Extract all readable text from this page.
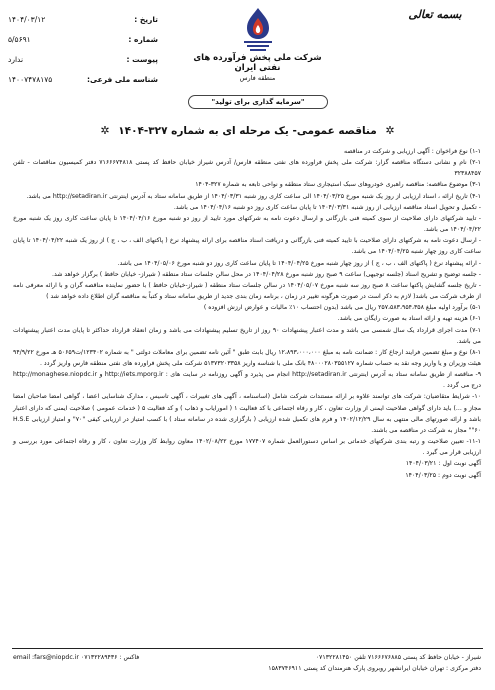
بسمه تعالی
شرکت ملی پخش فرآورده های نفتی ایران
منطقه فارس
تاریخ :
۱۴۰۴/۰۳/۱۲
شماره :
۵/۵۶۹۱
پیوست :
ندارد
شناسه ملی فرعی:
۱۴۰۰۷۴۷۸۱۷۵
"سرمایه گذاری برای تولید"
✲ مناقصه عمومی- یک مرحله ای به شماره ۳۲۷-۱۴۰۴ ✲

۱-۱) نوع فراخوان : آگهی ارزیابی و شرکت در مناقصه

۲-۱) نام و نشانی دستگاه مناقصه گزار: شرکت ملی پخش فراورده های نفتی منطقه فارس/ آدرس شیراز خیابان حافظ کد پستی ۷۱۶۶۶۷۴۸۱۸ دفتر کمیسیون مناقصات - تلفن ۳۲۳۸۸۴۵۷

۳-۱) موضوع مناقصه: مناقصه راهبری خودروهای سبک استیجاری ستاد منطقه و نواحی تابعه به شماره ۳۲۷-۱۴۰۴

۴-۱) تاریخ ارائه ، اسناد ارزیابی از روز یک شنبه مورخ ۱۴۰۴/۰۳/۲۵ الی ساعت کاری روز شنبه ۱۴۰۴/۰۳/۳۱ از طریق سامانه ستاد به آدرس اینترنتی http://setadiran.ir می باشد.

- تکمیل و تحویل اسناد مناقصه ارزیابی از روز شنبه ۱۴۰۴/۰۳/۳۱ تا پایان ساعت کاری روز دو شنبه ۱۴۰۴/۰۴/۱۶ می باشد.

- تایید شرکتهای دارای صلاحیت از سوی کمیته فنی بازرگانی و ارسال دعوت نامه به شرکتهای مورد تایید از روز دو شنبه مورخ ۱۴۰۴/۰۴/۱۶ تا پایان ساعت کاری روز یک شنبه مورخ ۱۴۰۴/۰۴/۲۲ می باشد.

- ارسال دعوت نامه به شرکتهای دارای صلاحیت با تایید کمیته فنی بازرگانی و دریافت اسناد مناقصه برای ارائه پیشنهاد نرخ ( پاکتهای الف ، ب ، ج ) از روز یک شنبه ۱۴۰۴/۰۴/۲۲ تا پایان ساعت کاری روز چهار شنبه ۱۴۰۴/۰۴/۲۵ می باشد.

- ارائه پیشنهاد نرخ ( پاکتهای الف ، ب ، ج ) از روز چهار شنبه مورخ ۱۴۰۴/۰۴/۲۵ تا پایان ساعت کاری روز دو شنبه مورخ ۱۴۰۴/۰۵/۰۶ می باشد.

- جلسه توضیح و تشریح اسناد (جلسه توجیهی) ساعت ۹ صبح روز شنبه مورخ ۱۴۰۴/۰۴/۲۸ در محل سالن جلسات ستاد منطقه ( شیراز- خیابان حافظ ) برگزار خواهد شد.

- تاریخ جلسه گشایش پاکتها ساعت ۸ صبح روز سه شنبه مورخ ۱۴۰۴/۰۵/۰۷ در سالن جلسات ستاد منطقه ( شیراز-خیابان حافظ ) با حضور نماینده مناقصه گران و با ارائه معرفی نامه از طرف شرکت می باشد( لازم به ذکر است در صورت هرگونه تغییر در زمان ، برنامه زمان بندی جدید از طریق سامانه ستاد و کتباً به مناقصه گران اطلاع داده خواهد شد )

۵-۱) برآورد اولیه مبلغ ۲۵۷،۵۸۳،۹۵۴،۳۵۸ ریال می باشد (بدون احتساب ۱۰٪ مالیات و عوارض ارزش افزوده )

۶-۱) هزینه تهیه و ارائه اسناد به صورت رایگان می باشد.

۷-۱) مدت اجرای قرارداد یک سال شمسی می باشد و مدت اعتبار پیشنهادات ۹۰ روز از تاریخ تسلیم پیشنهادات می باشد و زمان انعقاد قرارداد حداکثر تا پایان مدت اعتبار پیشنهادات می باشد.

۸-۱) نوع و مبلغ تضمین فرایند ارجاع کار : ضمانت نامه به مبلغ ۱۲،۸۹۳،۰۰۰،۰۰۰ ریال بابت طبق " آئین نامه تضمین برای معاملات دولتی " به شماره ۱۲۳۴۰۲/ت۵۰۶۵۹ هـ مورخ ۹۴/۹/۲۲ هیئت وزیران و یا واریز وجه نقد به حساب شماره ۴۸۰۰۰۲۸۰۳۵۵۱۲۷ بانک ملی با شناسه واریز ۵۱۳۷۳۲۰۳۳۵۸ شرکت ملی پخش فراورده های نفتی منطقه فارس واریز گردد .

۹- مناقصه از طریق سامانه ستاد به آدرس اینترنتی http://setadiran.ir انجام می پذیرد و آگهی روزنامه در سایت های : http://iets.mporg.ir و http://monaghese.niopdc.ir درج می گردد .

۱۰- شرایط متقاضیان: شرکت های توانمند علاوه بر ارائه مستندات شرکت شامل (اساسنامه ، آگهی های تغییرات ، آگهی تاسیس ، مدارک شناسایی اعضا ، گواهی امضا صاحبان امضا مجاز و ...) باید دارای گواهی صلاحیت ایمنی از وزارت تعاون ، کار و رفاه اجتماعی با کد فعالیت ۱ ( امورایاب و ذهاب ) و کد فعالیت ۵ ( خدمات عمومی ) صلاحیت ایمنی که دارای اعتبار باشد و ارائه صورتهای مالی منتهی به سال ۱۴۰۲/۱۲/۲۹ و فرم های تکمیل شده ارزیابی ( بارگزاری شده در سامانه ستاد ) با کسب امتیاز در ارزیابی کیفی "۷۰" و امتیاز ارزیابی H.S.E "۶۰" مجاز به شرکت در مناقصه می باشند.

۱۱-۱- تعیین صلاحیت و رتبه بندی شرکتهای خدماتی بر اساس دستورالعمل شماره ۱۷۷۴۰۷ مورخ ۱۴۰۲/۰۸/۲۲ معاون روابط کار وزارت تعاون ، کار و رفاه اجتماعی مورد بررسی و ارزیابی قرار می گیرد .

آگهی نوبت اول : ۱۴۰۴/۰۳/۲۱

آگهی نوبت دوم : ۱۴۰۴/۰۳/۲۵

شیراز - خیابان حافظ کد پستی ۷۱۶۶۶۷۶۸۸۵ تلفن ۰۷۱۳۲۲۸۱۴۵۰
فاکس : ۰۷۱۳۲۲۸۹۴۳۶ email :fars@niopdc.ir
دفتر مرکزی : تهران خیابان ایرانشهر روبروی پارک هنرمندان کد پستی ۱۵۸۳۷۴۶۹۱۱
